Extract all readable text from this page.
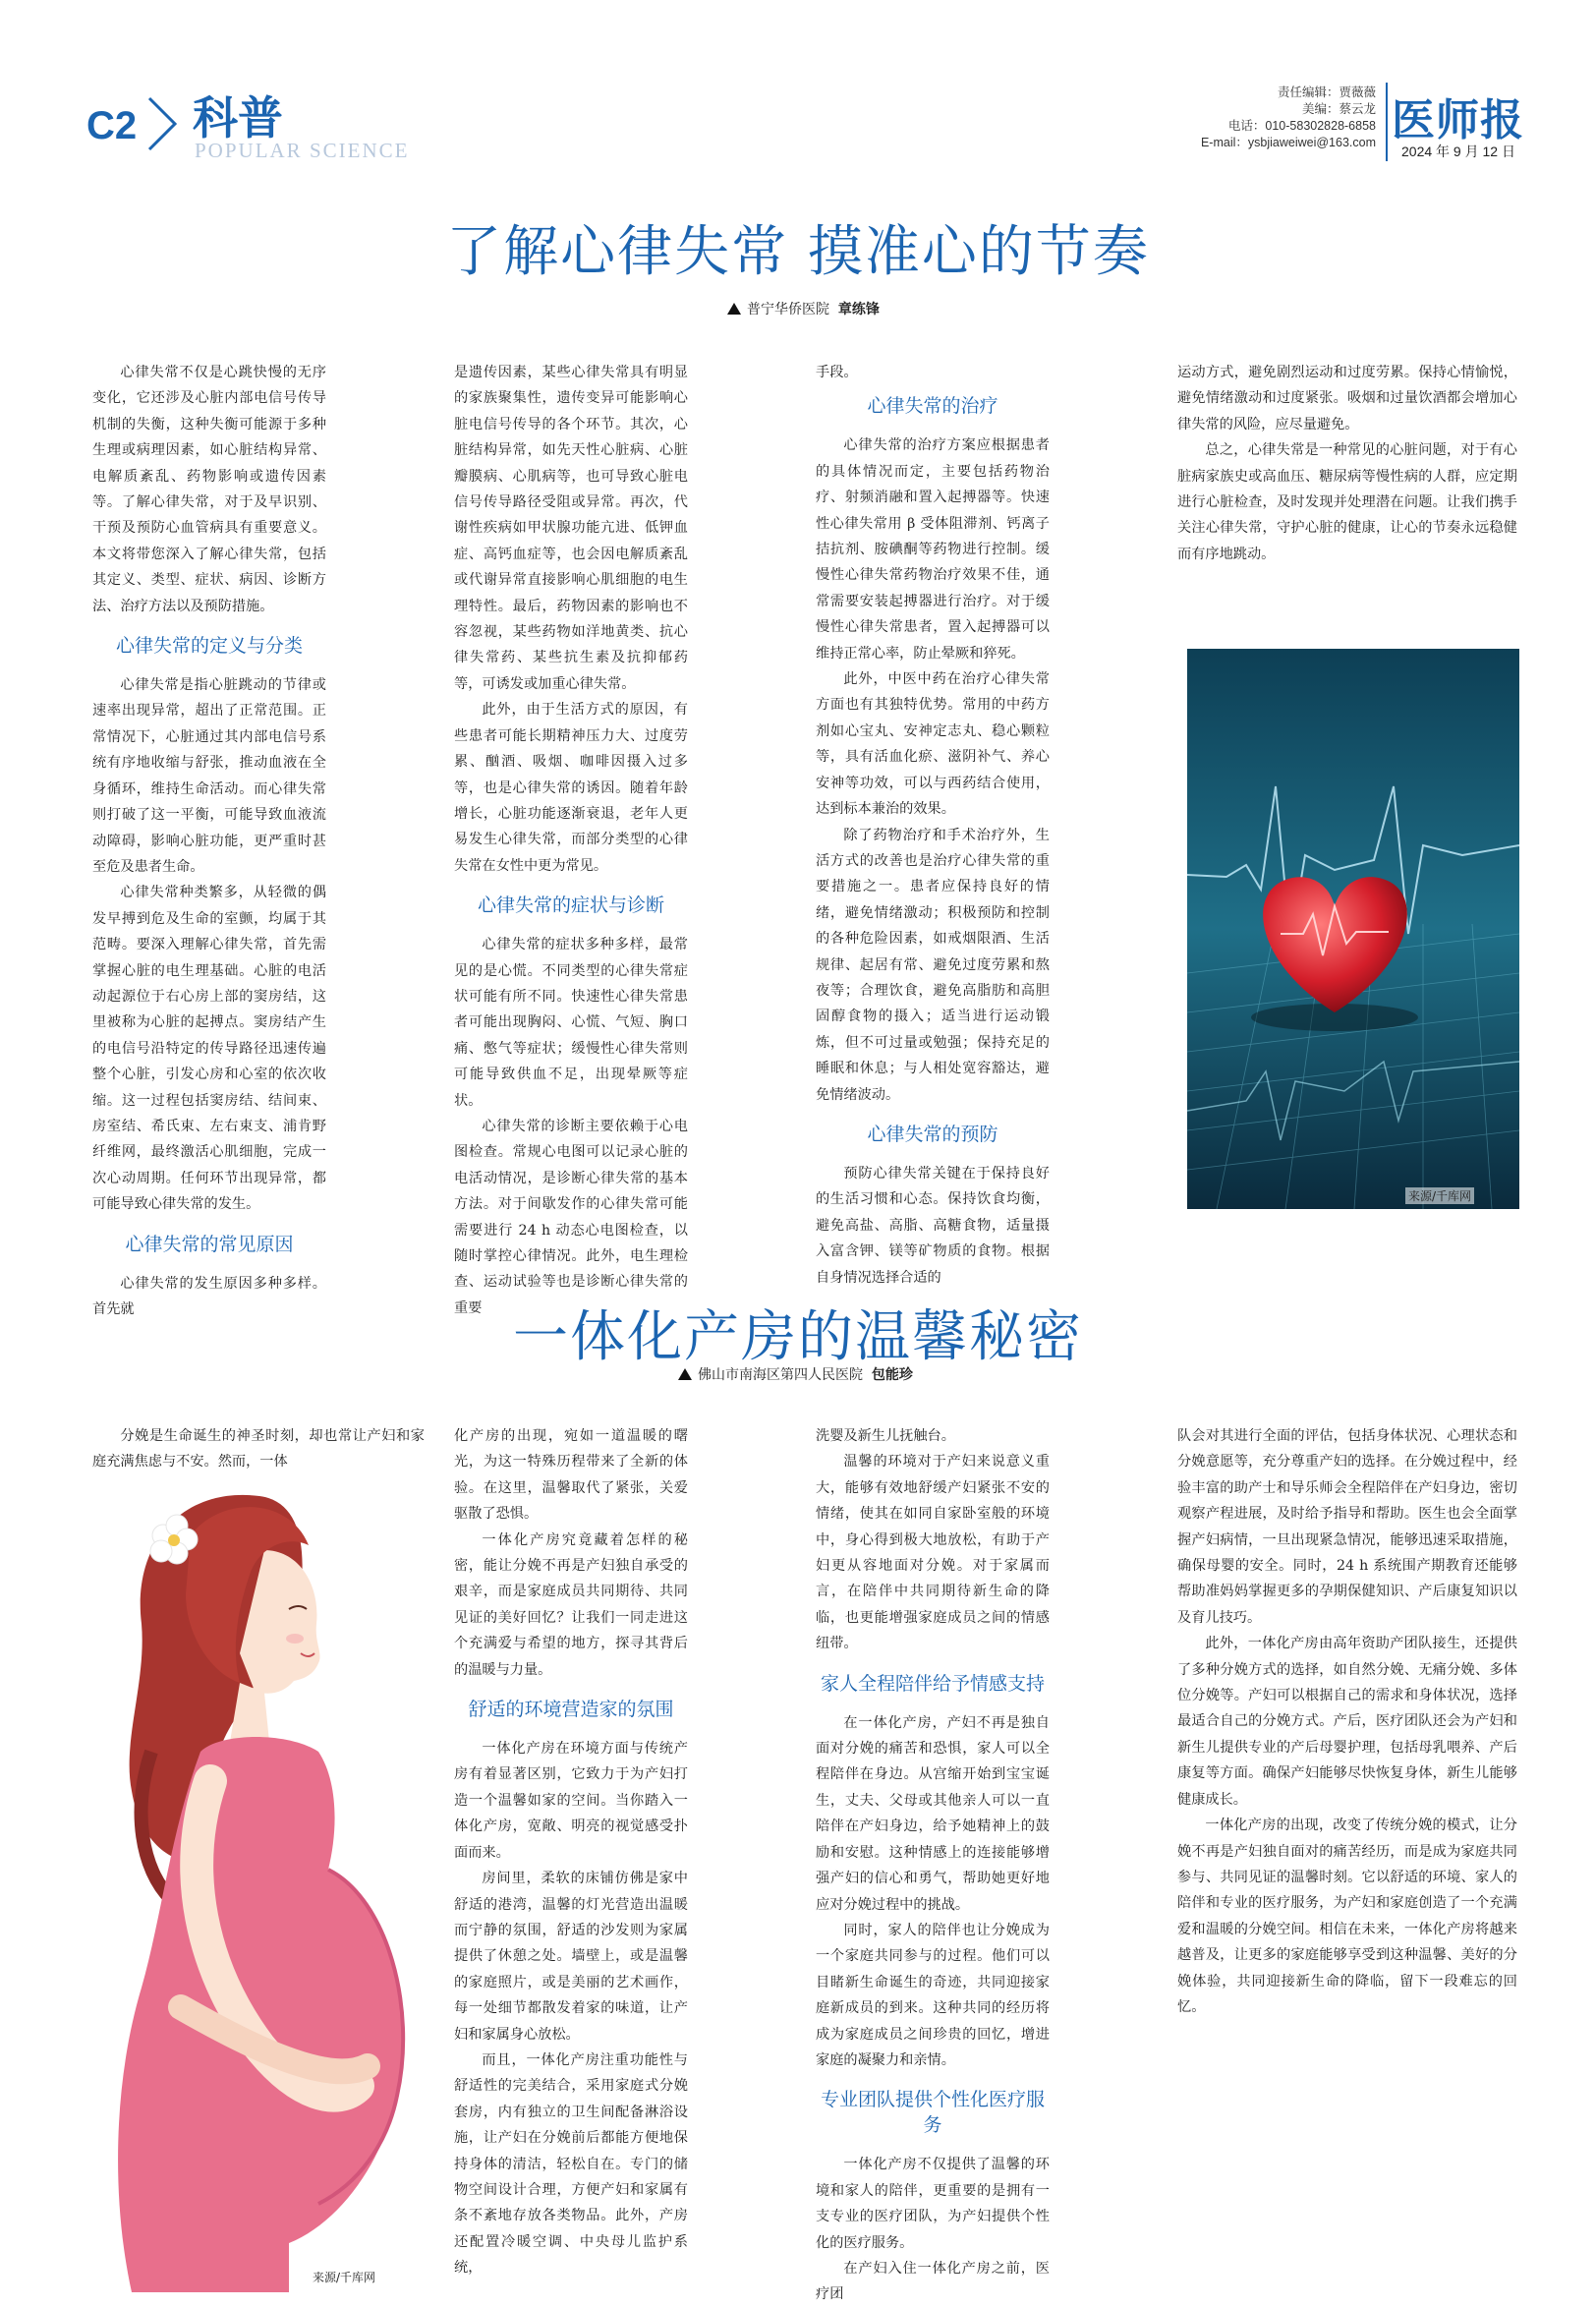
C2 科普
POPULAR SCIENCE
责任编辑：贾薇薇
美编：蔡云龙
电话：010-58302828-6858
E-mail：ysbjiaweiwei@163.com 医师报
2024 年 9 月 12 日
了解心律失常 摸准心的节奏
普宁华侨医院 章练锋

心律失常不仅是心跳快慢的无序变化，它还涉及心脏内部电信号传导机制的失衡，这种失衡可能源于多种生理或病理因素，如心脏结构异常、电解质紊乱、药物影响或遗传因素等。了解心律失常，对于及早识别、干预及预防心血管病具有重要意义。本文将带您深入了解心律失常，包括其定义、类型、症状、病因、诊断方法、治疗方法以及预防措施。

心律失常的定义与分类

心律失常是指心脏跳动的节律或速率出现异常，超出了正常范围。正常情况下，心脏通过其内部电信号系统有序地收缩与舒张，推动血液在全身循环，维持生命活动。而心律失常则打破了这一平衡，可能导致血液流动障碍，影响心脏功能，更严重时甚至危及患者生命。

心律失常种类繁多，从轻微的偶发早搏到危及生命的室颤，均属于其范畴。要深入理解心律失常，首先需掌握心脏的电生理基础。心脏的电活动起源位于右心房上部的窦房结，这里被称为心脏的起搏点。窦房结产生的电信号沿特定的传导路径迅速传遍整个心脏，引发心房和心室的依次收缩。这一过程包括窦房结、结间束、房室结、希氏束、左右束支、浦肯野纤维网，最终激活心肌细胞，完成一次心动周期。任何环节出现异常，都可能导致心律失常的发生。

心律失常的常见原因

心律失常的发生原因多种多样。首先就

是遗传因素，某些心律失常具有明显的家族聚集性，遗传变异可能影响心脏电信号传导的各个环节。其次，心脏结构异常，如先天性心脏病、心脏瓣膜病、心肌病等，也可导致心脏电信号传导路径受阻或异常。再次，代谢性疾病如甲状腺功能亢进、低钾血症、高钙血症等，也会因电解质紊乱或代谢异常直接影响心肌细胞的电生理特性。最后，药物因素的影响也不容忽视，某些药物如洋地黄类、抗心律失常药、某些抗生素及抗抑郁药等，可诱发或加重心律失常。

此外，由于生活方式的原因，有些患者可能长期精神压力大、过度劳累、酗酒、吸烟、咖啡因摄入过多等，也是心律失常的诱因。随着年龄增长，心脏功能逐渐衰退，老年人更易发生心律失常，而部分类型的心律失常在女性中更为常见。

心律失常的症状与诊断

心律失常的症状多种多样，最常见的是心慌。不同类型的心律失常症状可能有所不同。快速性心律失常患者可能出现胸闷、心慌、气短、胸口痛、憋气等症状；缓慢性心律失常则可能导致供血不足，出现晕厥等症状。

心律失常的诊断主要依赖于心电图检查。常规心电图可以记录心脏的电活动情况，是诊断心律失常的基本方法。对于间歇发作的心律失常可能需要进行 24 h 动态心电图检查，以随时掌控心律情况。此外，电生理检查、运动试验等也是诊断心律失常的重要

手段。

心律失常的治疗

心律失常的治疗方案应根据患者的具体情况而定，主要包括药物治疗、射频消融和置入起搏器等。快速性心律失常用 β 受体阻滞剂、钙离子拮抗剂、胺碘酮等药物进行控制。缓慢性心律失常药物治疗效果不佳，通常需要安装起搏器进行治疗。对于缓慢性心律失常患者，置入起搏器可以维持正常心率，防止晕厥和猝死。

此外，中医中药在治疗心律失常方面也有其独特优势。常用的中药方剂如心宝丸、安神定志丸、稳心颗粒等，具有活血化瘀、滋阴补气、养心安神等功效，可以与西药结合使用，达到标本兼治的效果。

除了药物治疗和手术治疗外，生活方式的改善也是治疗心律失常的重要措施之一。患者应保持良好的情绪，避免情绪激动；积极预防和控制的各种危险因素，如戒烟限酒、生活规律、起居有常、避免过度劳累和熬夜等；合理饮食，避免高脂肪和高胆固醇食物的摄入；适当进行运动锻炼，但不可过量或勉强；保持充足的睡眠和休息；与人相处宽容豁达，避免情绪波动。

心律失常的预防

预防心律失常关键在于保持良好的生活习惯和心态。保持饮食均衡，避免高盐、高脂、高糖食物，适量摄入富含钾、镁等矿物质的食物。根据自身情况选择合适的

运动方式，避免剧烈运动和过度劳累。保持心情愉悦，避免情绪激动和过度紧张。吸烟和过量饮酒都会增加心律失常的风险，应尽量避免。

总之，心律失常是一种常见的心脏问题，对于有心脏病家族史或高血压、糖尿病等慢性病的人群，应定期进行心脏检查，及时发现并处理潜在问题。让我们携手关注心律失常，守护心脏的健康，让心的节奏永远稳健而有序地跳动。

来源/千库网
一体化产房的温馨秘密
佛山市南海区第四人民医院 包能珍

分娩是生命诞生的神圣时刻，却也常让产妇和家庭充满焦虑与不安。然而，一体

来源/千库网

化产房的出现，宛如一道温暖的曙光，为这一特殊历程带来了全新的体验。在这里，温馨取代了紧张，关爱驱散了恐惧。

一体化产房究竟藏着怎样的秘密，能让分娩不再是产妇独自承受的艰辛，而是家庭成员共同期待、共同见证的美好回忆？让我们一同走进这个充满爱与希望的地方，探寻其背后的温暖与力量。

舒适的环境营造家的氛围

一体化产房在环境方面与传统产房有着显著区别，它致力于为产妇打造一个温馨如家的空间。当你踏入一体化产房，宽敞、明亮的视觉感受扑面而来。

房间里，柔软的床铺仿佛是家中舒适的港湾，温馨的灯光营造出温暖而宁静的氛围，舒适的沙发则为家属提供了休憩之处。墙壁上，或是温馨的家庭照片，或是美丽的艺术画作，每一处细节都散发着家的味道，让产妇和家属身心放松。

而且，一体化产房注重功能性与舒适性的完美结合，采用家庭式分娩套房，内有独立的卫生间配备淋浴设施，让产妇在分娩前后都能方便地保持身体的清洁，轻松自在。专门的储物空间设计合理，方便产妇和家属有条不紊地存放各类物品。此外，产房还配置冷暖空调、中央母儿监护系统，

洗婴及新生儿抚触台。

温馨的环境对于产妇来说意义重大，能够有效地舒缓产妇紧张不安的情绪，使其在如同自家卧室般的环境中，身心得到极大地放松，有助于产妇更从容地面对分娩。对于家属而言，在陪伴中共同期待新生命的降临，也更能增强家庭成员之间的情感纽带。

家人全程陪伴给予情感支持

在一体化产房，产妇不再是独自面对分娩的痛苦和恐惧，家人可以全程陪伴在身边。从宫缩开始到宝宝诞生，丈夫、父母或其他亲人可以一直陪伴在产妇身边，给予她精神上的鼓励和安慰。这种情感上的连接能够增强产妇的信心和勇气，帮助她更好地应对分娩过程中的挑战。

同时，家人的陪伴也让分娩成为一个家庭共同参与的过程。他们可以目睹新生命诞生的奇迹，共同迎接家庭新成员的到来。这种共同的经历将成为家庭成员之间珍贵的回忆，增进家庭的凝聚力和亲情。

专业团队提供个性化医疗服务

一体化产房不仅提供了温馨的环境和家人的陪伴，更重要的是拥有一支专业的医疗团队，为产妇提供个性化的医疗服务。

在产妇入住一体化产房之前，医疗团

队会对其进行全面的评估，包括身体状况、心理状态和分娩意愿等，充分尊重产妇的选择。在分娩过程中，经验丰富的助产士和导乐师会全程陪伴在产妇身边，密切观察产程进展，及时给予指导和帮助。医生也会全面掌握产妇病情，一旦出现紧急情况，能够迅速采取措施，确保母婴的安全。同时，24 h 系统围产期教育还能够帮助准妈妈掌握更多的孕期保健知识、产后康复知识以及育儿技巧。

此外，一体化产房由高年资助产团队接生，还提供了多种分娩方式的选择，如自然分娩、无痛分娩、多体位分娩等。产妇可以根据自己的需求和身体状况，选择最适合自己的分娩方式。产后，医疗团队还会为产妇和新生儿提供专业的产后母婴护理，包括母乳喂养、产后康复等方面。确保产妇能够尽快恢复身体，新生儿能够健康成长。

一体化产房的出现，改变了传统分娩的模式，让分娩不再是产妇独自面对的痛苦经历，而是成为家庭共同参与、共同见证的温馨时刻。它以舒适的环境、家人的陪伴和专业的医疗服务，为产妇和家庭创造了一个充满爱和温暖的分娩空间。相信在未来，一体化产房将越来越普及，让更多的家庭能够享受到这种温馨、美好的分娩体验，共同迎接新生命的降临，留下一段难忘的回忆。
